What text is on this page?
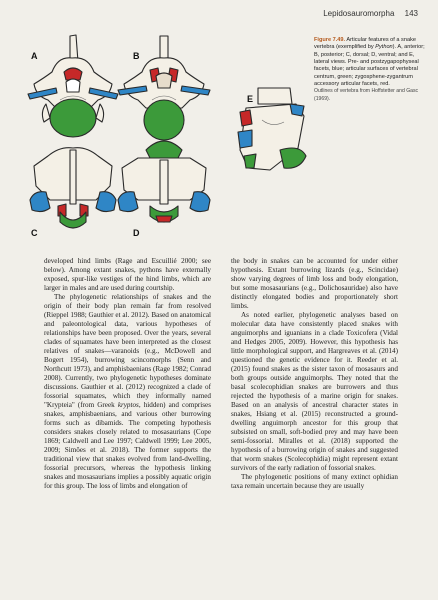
Lepidosauromorpha 143
A	B
C	D
E
Figure 7.49. Articular features of a snake vertebra (exemplified by Python). A, anterior; B, posterior; C, dorsal; D, ventral; and E, lateral views. Pre- and postzygapophyseal facets, blue; articular surfaces of vertebral centrum, green; zygosphene-zygantrum accessory articular facets, red.
Outlines of vertebra from Hoffstetter and Gasc (1969).

developed hind limbs (Rage and Escuillié 2000; see below). Among extant snakes, pythons have externally exposed, spur-like vestiges of the hind limbs, which are larger in males and are used during courtship.

The phylogenetic relationships of snakes and the origin of their body plan remain far from resolved (Rieppel 1988; Gauthier et al. 2012). Based on anatomical and paleontological data, various hypotheses of relationships have been proposed. Over the years, several clades of squamates have been interpreted as the closest relatives of snakes—varanoids (e.g., McDowell and Bogert 1954), burrowing scincomorphs (Senn and Northcutt 1973), and amphisbaenians (Rage 1982; Conrad 2008). Currently, two phylogenetic hypotheses dominate discussions. Gauthier et al. (2012) recognized a clade of fossorial squamates, which they informally named "Krypteia" (from Greek kryptos, hidden) and comprises snakes, amphisbaenians, and various other burrowing forms such as dibamids. The competing hypothesis considers snakes closely related to mosasaurians (Cope 1869; Caldwell and Lee 1997; Caldwell 1999; Lee 2005, 2009; Simões et al. 2018). The former supports the traditional view that snakes evolved from land-dwelling, fossorial precursors, whereas the hypothesis linking snakes and mosasaurians implies a possibly aquatic origin for this group. The loss of limbs and elongation of

the body in snakes can be accounted for under either hypothesis. Extant burrowing lizards (e.g., Scincidae) show varying degrees of limb loss and body elongation, but some mosasaurians (e.g., Dolichosauridae) also have distinctly elongated bodies and proportionately short limbs.

As noted earlier, phylogenetic analyses based on molecular data have consistently placed snakes with anguimorphs and iguanians in a clade Toxicofera (Vidal and Hedges 2005, 2009). However, this hypothesis has little morphological support, and Hargreaves et al. (2014) questioned the genetic evidence for it. Reeder et al. (2015) found snakes as the sister taxon of mosasaurs and both groups outside anguimorphs. They noted that the basal scolecophidian snakes are burrowers and thus rejected the hypothesis of a marine origin for snakes. Based on an analysis of ancestral character states in snakes, Hsiang et al. (2015) reconstructed a ground-dwelling anguimorph ancestor for this group that subsisted on small, soft-bodied prey and may have been semi-fossorial. Miralles et al. (2018) supported the hypothesis of a burrowing origin of snakes and suggested that worm snakes (Scolecophidia) might represent extant survivors of the early radiation of fossorial snakes.

The phylogenetic positions of many extinct ophidian taxa remain uncertain because they are usually
